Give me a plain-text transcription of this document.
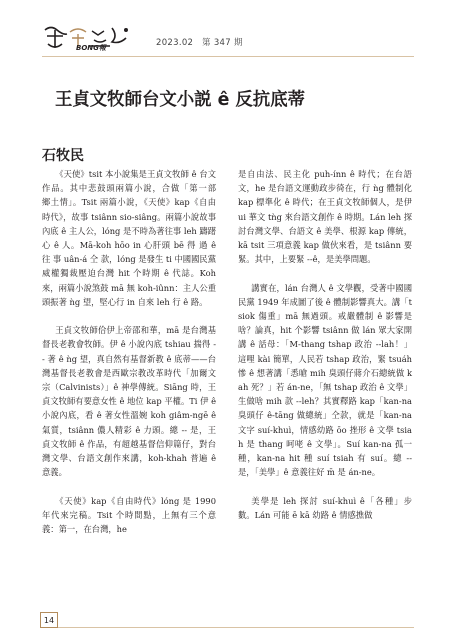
BONG報	2023.02　第 347 期
王貞文牧師台文小説 ê 反抗底蒂
石牧民

《天使》tsit 本小說集是王貞文牧師 ê 台文作品。其中悲鼓頭兩篇小說，合做「第一部　鄉土情」。Tsit 兩篇小說，《天使》kap《自由時代》，故事 tsiânn sio-siâng。兩篇小說故事內底 ê 主人公，lóng 是不時為著往事 leh 躊躇心 ê 人。Mā-koh hōo in 心肝頭 bē 得 過 ê 往 事 uân-á 仝 款，lóng 是發生 ti 中國國民黨威權獨裁壓迫台灣 hit 个時期 ê 代誌。Koh 來，兩篇小說煞鼓 mā 無 koh-iûnn：主人公重頭振著 ǹg 望，堅心行 in 自來 leh 行 ê 路。

王貞文牧師佮伊上帝邵和華，mā 是台灣基督長老教會牧師。伊 ê 小說內底 tshiau 揣得 -- 著 ê ǹg 望，真自然有基督新教 ê 底蒂——台灣基督長老教會是西歐宗教改革時代「加爾文宗（Calvinists）」ê 神學傳統。Siāng 時，王貞文牧師有要意女性 ê 地位 kap 平權。Ti 伊 ê 小說內底，看 ê 著女性溫婉 koh giâm-ngē ê 氣質，tsiânn 儂人精彩 ê 力頭。總 -- 是，王貞文牧師 ê 作品，有超越基督信仰篇仔，對台灣文學、台語文創作來講，koh-khah 普遍 ê 意義。

《天使》kap《自由時代》lóng 是 1990 年代來完稿。Tsit 个時間點，上無有三个意義：第一，在台灣，he

是自由法、民主化 puh-ínn ê 時代；在台語文，he 是台語文運動政步徛在，行 ǹg 體制化 kap 標準化 ê 時代；在王貞文牧師個人，是伊 ui 華文 tǹg 來台語文創作 ê 時期。Lán leh 探討台灣文學、台語文 ê 美學、根源 kap 傳統，kā tsit 三項意義 kap 做伙來看，是 tsiânn 要緊。其中，上要緊 --ê，是美學問題。

講實在，lán 台灣人 ê 文學觀，受著中國國民黨 1949 年成圖了後 ê 體制影響真大。講「tsiok 傷重」mā 無過頭。戒嚴體制 ê 影響是啥？論真，hit 个影響 tsiânn 做 lán 眾大家開講 ê 話母：「M-thang tshap 政治 --lah！」這哩 kài 簡單，人民若 tshap 政治，緊 tsuáh 慘 ê 想著講「悉嗆 mih 臭頭仔蔣介石總統做 kah 死？」若 án-ne，「無 tshap 政治 ê 文學」生做啥 mih 款 --leh？其實釋路 kap「kan-na 臭頭仔 ê-tāng 做總統」仝款，就是「kan-na 文字 suí-khuì，情感幼路 ōo 挫形 ê 文學 tsiah 是 thang 呵咾 ê 文學」。Suí kan-na 孤一種，kan-na hit 種 suí tsiah 有 suí。總 -- 是，「美學」ê 意義往好 m̄ 是 án-ne。

美學是 leh 探討 suí-khuì ê「各種」步數。Lán 可能 ē kā 幼路 ê 情感撨做

14
